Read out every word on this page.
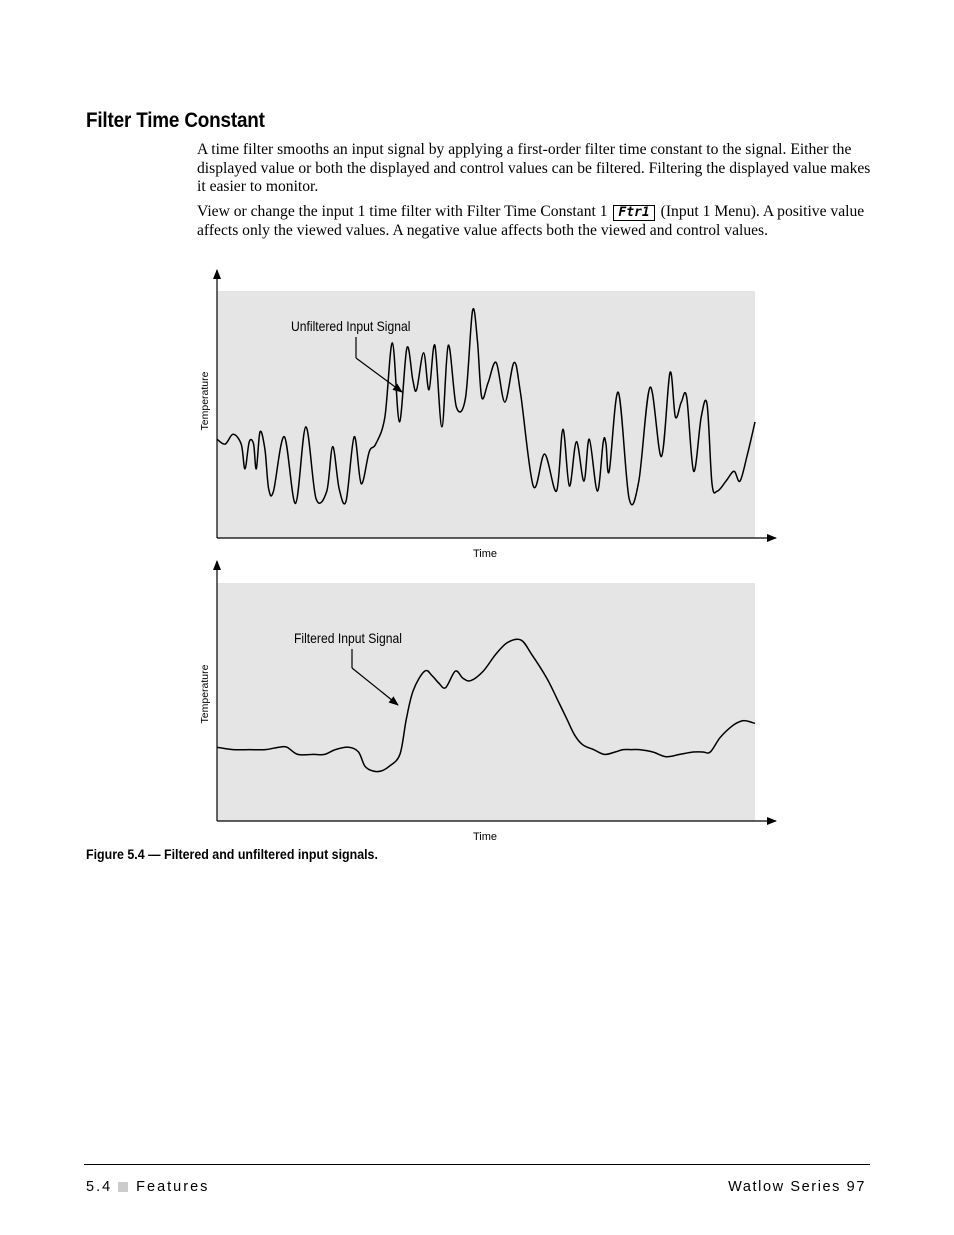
Filter Time Constant

A time filter smooths an input signal by applying a first-order filter time constant to the signal. Either the displayed value or both the displayed and control values can be filtered. Filtering the displayed value makes it easier to monitor.

View or change the input 1 time filter with Filter Time Constant 1 Ftr1 (Input 1 Menu). A positive value affects only the viewed values. A negative value affects both the viewed and control values.

Time
Temperature
Unfiltered Input Signal
Time
Temperature
Filtered Input Signal

Figure 5.4 — Filtered and unfiltered input signals.

5.4 Features	Watlow Series 97
